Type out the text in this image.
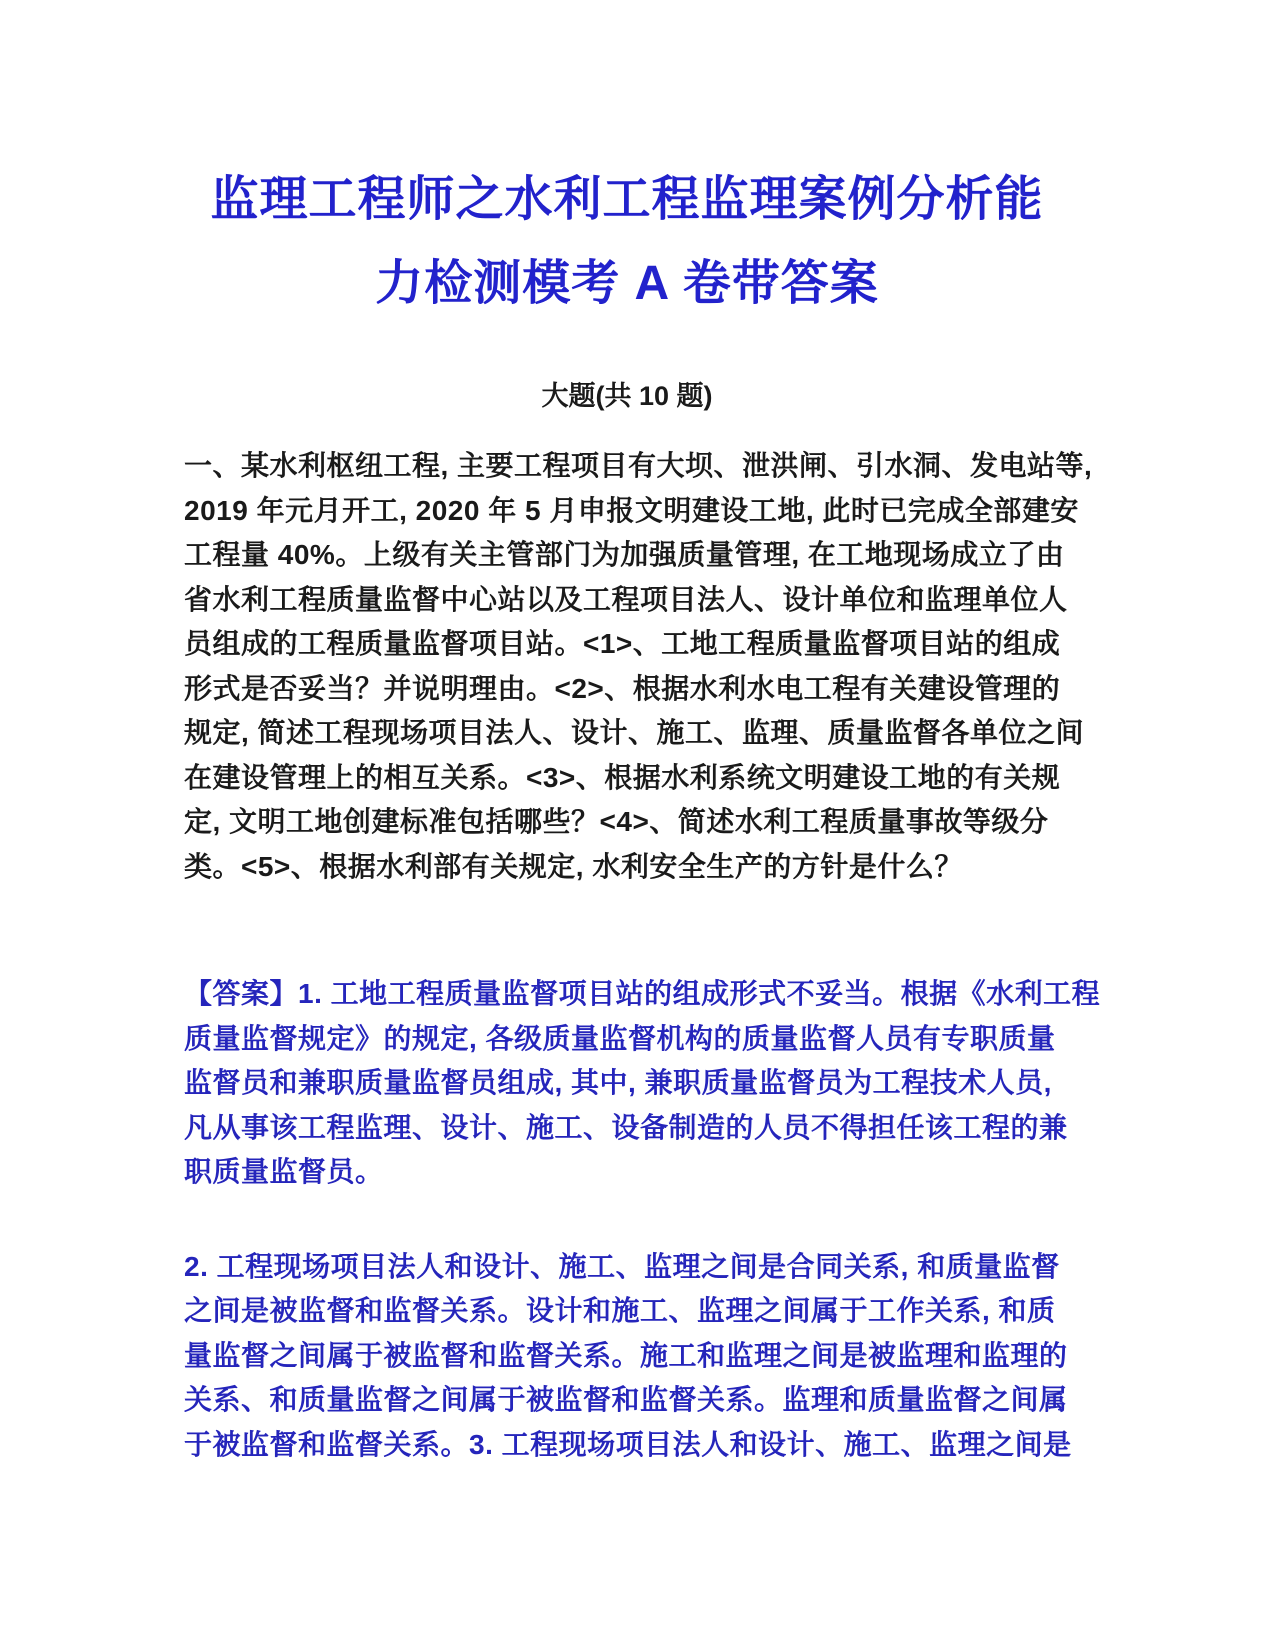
监理工程师之水利工程监理案例分析能
力检测模考 A 卷带答案
大题(共 10 题)
一、某水利枢纽工程, 主要工程项目有大坝、泄洪闸、引水洞、发电站等,
2019 年元月开工, 2020 年 5 月申报文明建设工地, 此时已完成全部建安
工程量 40%。上级有关主管部门为加强质量管理, 在工地现场成立了由
省水利工程质量监督中心站以及工程项目法人、设计单位和监理单位人
员组成的工程质量监督项目站。<1>、工地工程质量监督项目站的组成
形式是否妥当？并说明理由。<2>、根据水利水电工程有关建设管理的
规定, 简述工程现场项目法人、设计、施工、监理、质量监督各单位之间
在建设管理上的相互关系。<3>、根据水利系统文明建设工地的有关规
定, 文明工地创建标准包括哪些？<4>、简述水利工程质量事故等级分
类。<5>、根据水利部有关规定, 水利安全生产的方针是什么？
【答案】1. 工地工程质量监督项目站的组成形式不妥当。根据《水利工程
质量监督规定》的规定, 各级质量监督机构的质量监督人员有专职质量
监督员和兼职质量监督员组成, 其中, 兼职质量监督员为工程技术人员,
凡从事该工程监理、设计、施工、设备制造的人员不得担任该工程的兼
职质量监督员。
2. 工程现场项目法人和设计、施工、监理之间是合同关系, 和质量监督
之间是被监督和监督关系。设计和施工、监理之间属于工作关系, 和质
量监督之间属于被监督和监督关系。施工和监理之间是被监理和监理的
关系、和质量监督之间属于被监督和监督关系。监理和质量监督之间属
于被监督和监督关系。3. 工程现场项目法人和设计、施工、监理之间是
